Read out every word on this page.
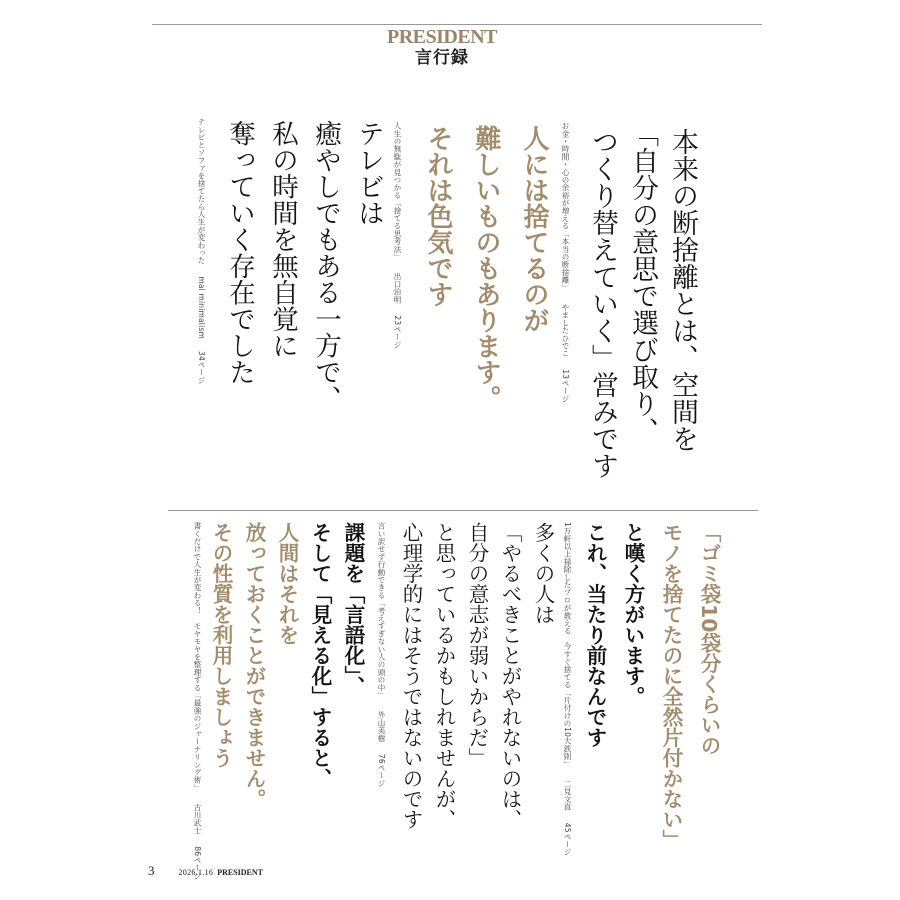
PRESIDENT
言行録
本来の断捨離とは、空間を
「自分の意思で選び取り、
つくり替えていく」営みです
お金・時間・心の余裕が増える「本当の断捨離」やましたひでこ13ページ
人には捨てるのが
難しいものもあります。
それは色気です
人生の無駄が見つかる「捨てる思考法」出口治明23ページ
テレビは
癒やしでもある一方で、
私の時間を無自覚に
奪っていく存在でした
テレビとソファを捨てたら人生が変わったmai minimalism34ページ
「ゴミ袋10袋分くらいの
モノを捨てたのに全然片付かない」
と嘆く方がいます。
これ、当たり前なんです
1万軒以上掃除したプロが教える　今すぐ捨てる「片付けの10大鉄則」二見文直45ページ
多くの人は
「やるべきことがやれないのは、
自分の意志が弱いからだ」
と思っているかもしれませんが、
心理学的にはそうではないのです
言い訳せず行動できる「考えすぎない人の頭の中」外山美樹76ページ
課題を「言語化」、
そして「見える化」すると、
人間はそれを
放っておくことができません。
その性質を利用しましょう
書くだけで人生が変わる！　モヤモヤを整理する「最強のジャーナリング術」古川武士86ページ
3	2026.1.16 PRESIDENT
